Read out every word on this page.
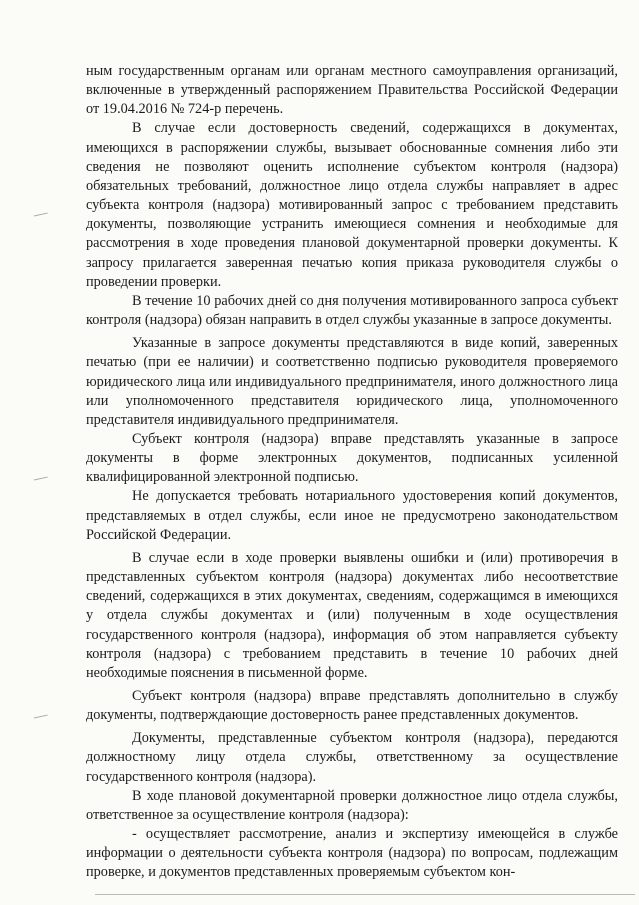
ным государственным органам или органам местного самоуправления организаций, включенные в утвержденный распоряжением Правительства Российской Федерации от 19.04.2016 № 724-р перечень.

В случае если достоверность сведений, содержащихся в документах, имеющихся в распоряжении службы, вызывает обоснованные сомнения либо эти сведения не позволяют оценить исполнение субъектом контроля (надзора) обязательных требований, должностное лицо отдела службы направляет в адрес субъекта контроля (надзора) мотивированный запрос с требованием представить документы, позволяющие устранить имеющиеся сомнения и необходимые для рассмотрения в ходе проведения плановой документарной проверки документы. К запросу прилагается заверенная печатью копия приказа руководителя службы о проведении проверки.

В течение 10 рабочих дней со дня получения мотивированного запроса субъект контроля (надзора) обязан направить в отдел службы указанные в запросе документы.

Указанные в запросе документы представляются в виде копий, заверенных печатью (при ее наличии) и соответственно подписью руководителя проверяемого юридического лица или индивидуального предпринимателя, иного должностного лица или уполномоченного представителя юридического лица, уполномоченного представителя индивидуального предпринимателя.

Субъект контроля (надзора) вправе представлять указанные в запросе документы в форме электронных документов, подписанных усиленной квалифицированной электронной подписью.

Не допускается требовать нотариального удостоверения копий документов, представляемых в отдел службы, если иное не предусмотрено законодательством Российской Федерации.

В случае если в ходе проверки выявлены ошибки и (или) противоречия в представленных субъектом контроля (надзора) документах либо несоответствие сведений, содержащихся в этих документах, сведениям, содержащимся в имеющихся у отдела службы документах и (или) полученным в ходе осуществления государственного контроля (надзора), информация об этом направляется субъекту контроля (надзора) с требованием представить в течение 10 рабочих дней необходимые пояснения в письменной форме.

Субъект контроля (надзора) вправе представлять дополнительно в службу документы, подтверждающие достоверность ранее представленных документов.

Документы, представленные субъектом контроля (надзора), передаются должностному лицу отдела службы, ответственному за осуществление государственного контроля (надзора).

В ходе плановой документарной проверки должностное лицо отдела службы, ответственное за осуществление контроля (надзора):

- осуществляет рассмотрение, анализ и экспертизу имеющейся в службе информации о деятельности субъекта контроля (надзора) по вопросам, подлежащим проверке, и документов представленных проверяемым субъектом кон-
